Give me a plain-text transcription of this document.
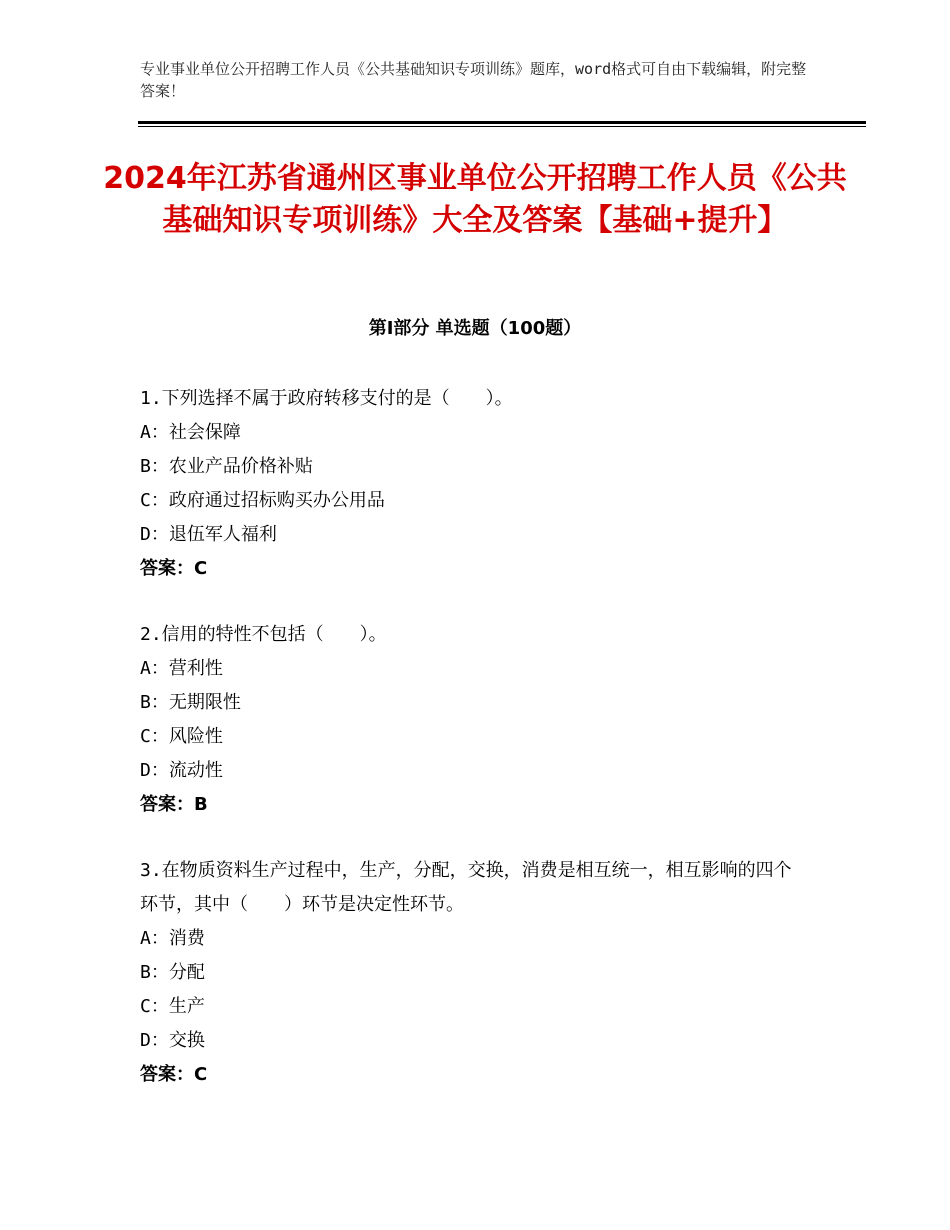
专业事业单位公开招聘工作人员《公共基础知识专项训练》题库，word格式可自由下载编辑，附完整答案！
2024年江苏省通州区事业单位公开招聘工作人员《公共基础知识专项训练》大全及答案【基础+提升】
第Ⅰ部分 单选题（100题）
1.下列选择不属于政府转移支付的是（　　）。
A：社会保障
B：农业产品价格补贴
C：政府通过招标购买办公用品
D：退伍军人福利
答案：C
2.信用的特性不包括（　　）。
A：营利性
B：无期限性
C：风险性
D：流动性
答案：B
3.在物质资料生产过程中，生产，分配，交换，消费是相互统一，相互影响的四个环节，其中（　　）环节是决定性环节。
A：消费
B：分配
C：生产
D：交换
答案：C
